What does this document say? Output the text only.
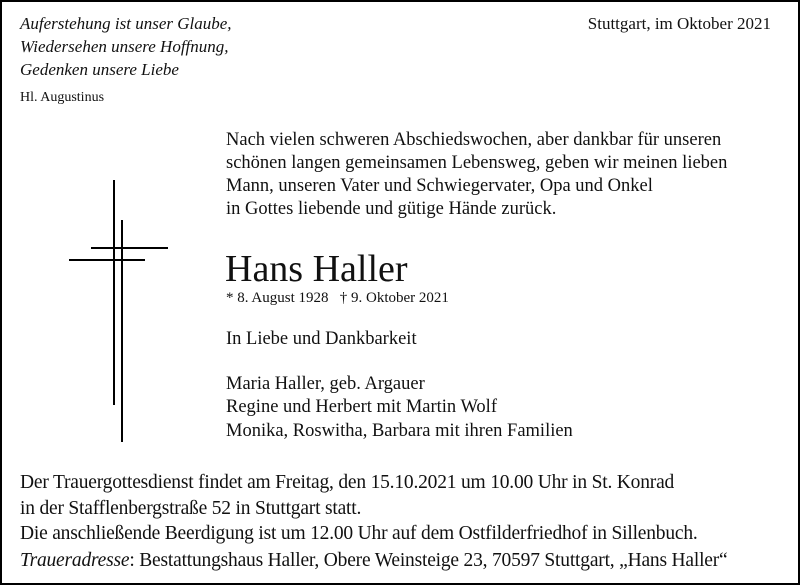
Auferstehung ist unser Glaube,
Wiedersehen unsere Hoffnung,
Gedenken unsere Liebe
Hl. Augustinus
Stuttgart, im Oktober 2021
Nach vielen schweren Abschiedswochen, aber dankbar für unseren
schönen langen gemeinsamen Lebensweg, geben wir meinen lieben
Mann, unseren Vater und Schwiegervater, Opa und Onkel
in Gottes liebende und gütige Hände zurück.
Hans Haller
* 8. August 1928   † 9. Oktober 2021
In Liebe und Dankbarkeit
Maria Haller, geb. Argauer
Regine und Herbert mit Martin Wolf
Monika, Roswitha, Barbara mit ihren Familien
Der Trauergottesdienst findet am Freitag, den 15.10.2021 um 10.00 Uhr in St. Konrad
in der Stafflenbergstraße 52 in Stuttgart statt.
Die anschließende Beerdigung ist um 12.00 Uhr auf dem Ostfilderfriedhof in Sillenbuch.
Traueradresse: Bestattungshaus Haller, Obere Weinsteige 23, 70597 Stuttgart, „Hans Haller“
